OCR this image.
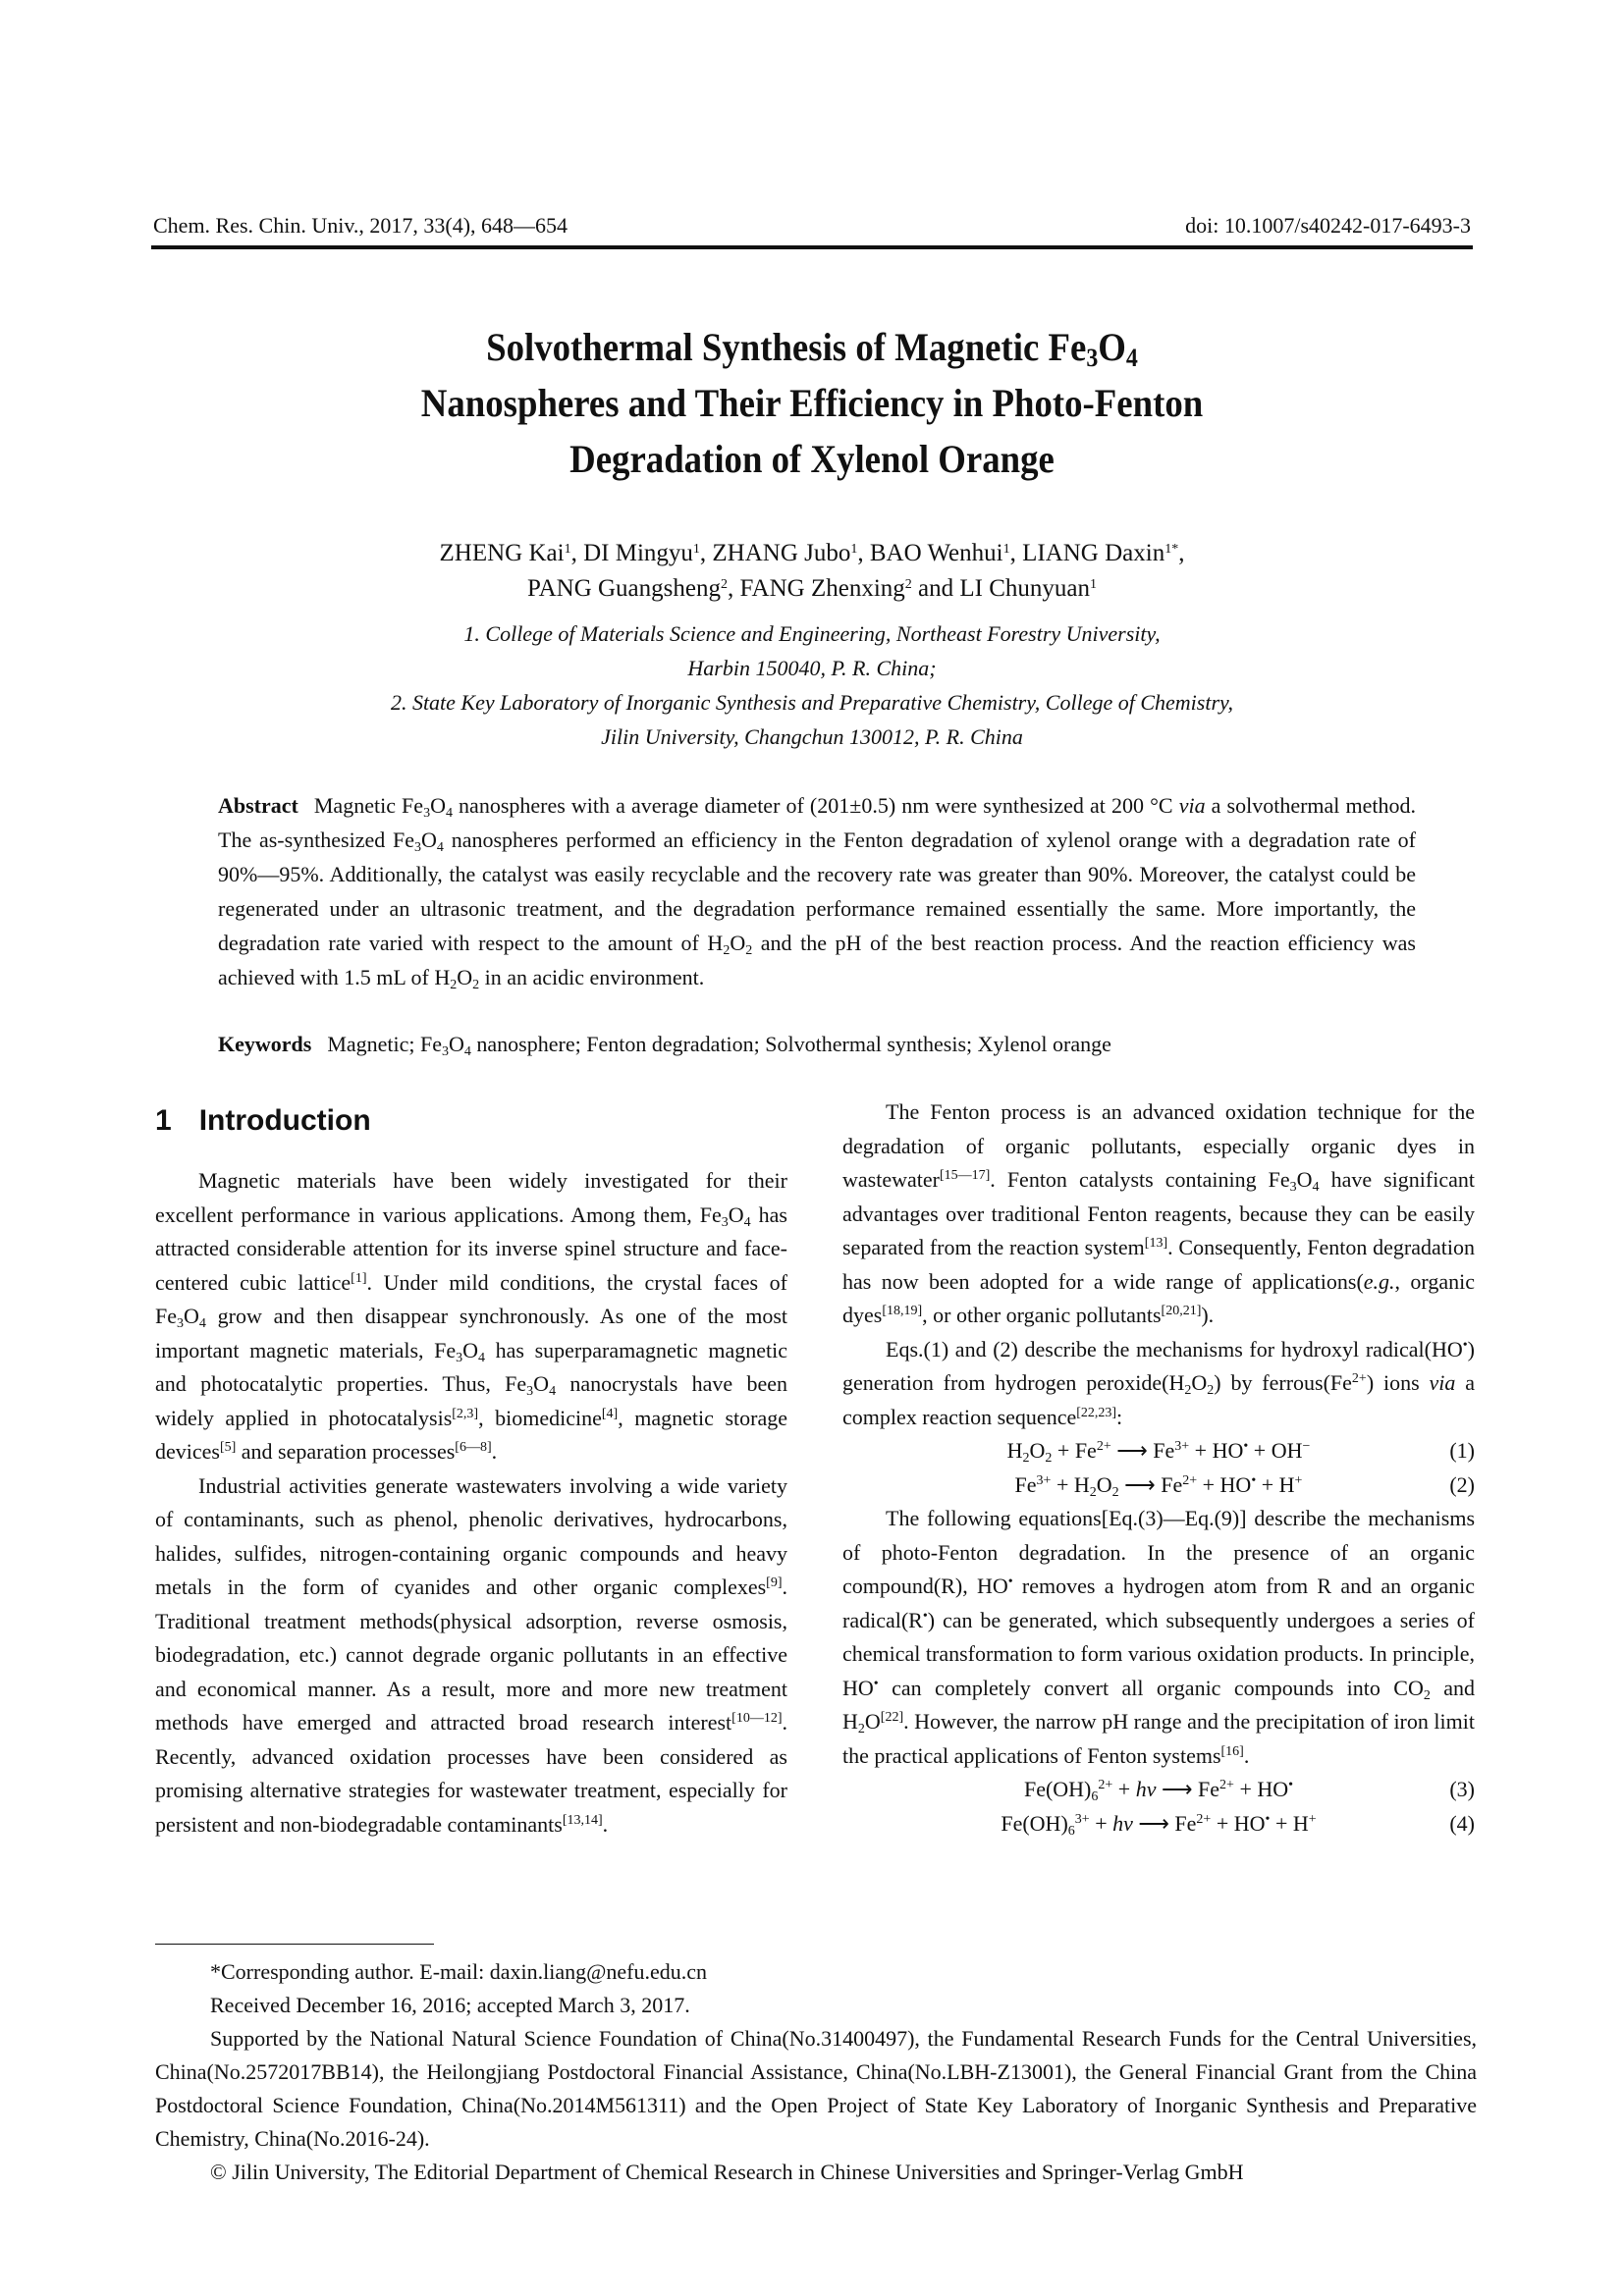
Chem. Res. Chin. Univ., 2017, 33(4), 648—654	doi: 10.1007/s40242-017-6493-3
Solvothermal Synthesis of Magnetic $Fe_3O_4$
Nanospheres and Their Efficiency in Photo-Fenton
Degradation of Xylenol Orange
ZHENG Kai$^1$, DI Mingyu$^1$, ZHANG Jubo$^1$, BAO Wenhui$^1$, LIANG Daxin$^{1*}$,
PANG Guangsheng$^2$, FANG Zhenxing$^2$ and LI Chunyuan$^1$
1. College of Materials Science and Engineering, Northeast Forestry University,
Harbin 150040, P. R. China;
2. State Key Laboratory of Inorganic Synthesis and Preparative Chemistry, College of Chemistry,
Jilin University, Changchun 130012, P. R. China
Abstract Magnetic $Fe_3O_4$ nanospheres with a average diameter of (201±0.5) nm were synthesized at 200 °C via a solvothermal method. The as-synthesized $Fe_3O_4$ nanospheres performed an efficiency in the Fenton degradation of xylenol orange with a degradation rate of 90%—95%. Additionally, the catalyst was easily recyclable and the recovery rate was greater than 90%. Moreover, the catalyst could be regenerated under an ultrasonic treatment, and the degradation performance remained essentially the same. More importantly, the degradation rate varied with respect to the amount of $H_2O_2$ and the pH of the best reaction process. And the reaction efficiency was achieved with 1.5 mL of $H_2O_2$ in an acidic environment.
Keywords Magnetic; $Fe_3O_4$ nanosphere; Fenton degradation; Solvothermal synthesis; Xylenol orange
1 Introduction

Magnetic materials have been widely investigated for their excellent performance in various applications. Among them, $Fe_3O_4$ has attracted considerable attention for its inverse spinel structure and face-centered cubic lattice[1]. Under mild conditions, the crystal faces of $Fe_3O_4$ grow and then disappear synchronously. As one of the most important magnetic materials, $Fe_3O_4$ has superparamagnetic magnetic and photocatalytic properties. Thus, $Fe_3O_4$ nanocrystals have been widely applied in photocatalysis[2,3], biomedicine[4], magnetic storage devices[5] and separation processes[6—8].

Industrial activities generate wastewaters involving a wide variety of contaminants, such as phenol, phenolic derivatives, hydrocarbons, halides, sulfides, nitrogen-containing organic compounds and heavy metals in the form of cyanides and other organic complexes[9]. Traditional treatment methods(physical adsorption, reverse osmosis, biodegradation, etc.) cannot degrade organic pollutants in an effective and economical manner. As a result, more and more new treatment methods have emerged and attracted broad research interest[10—12]. Recently, advanced oxidation processes have been considered as promising alternative strategies for wastewater treatment, especially for persistent and non-biodegradable contaminants[13,14].

The Fenton process is an advanced oxidation technique for the degradation of organic pollutants, especially organic dyes in wastewater[15—17]. Fenton catalysts containing $Fe_3O_4$ have significant advantages over traditional Fenton reagents, because they can be easily separated from the reaction system[13]. Consequently, Fenton degradation has now been adopted for a wide range of applications(e.g., organic dyes[18,19], or other organic pollutants[20,21]).

Eqs.(1) and (2) describe the mechanisms for hydroxyl radical(HO•) generation from hydrogen $peroxide(H_2O_2)$ by $ferrous(Fe^{2+})$ ions via a complex reaction sequence[22,23]:

$H_2O_2 + Fe^{2+}$ ⟶ $Fe^{3+} + HO^• + OH^-$	(1)
$Fe^{3+} + H_2O_2$ ⟶ $Fe^{2+} + HO^• + H^+$	(2)

The following equations[Eq.(3)—Eq.(9)] describe the mechanisms of photo-Fenton degradation. In the presence of an organic compound(R), HO• removes a hydrogen atom from R and an organic radical(R•) can be generated, which subsequently undergoes a series of chemical transformation to form various oxidation products. In principle, HO• can completely convert all organic compounds into $CO_2$ and $H_2O[22]$. However, the narrow pH range and the precipitation of iron limit the practical applications of Fenton systems[16].

$Fe(OH)_6^{2+}$ + hv ⟶ $Fe^{2+} + HO^•$	(3)
$Fe(OH)_6^{3+}$ + hv ⟶ $Fe^{2+} + HO^• + H^+$	(4)

*Corresponding author. E-mail: daxin.liang@nefu.edu.cn

Received December 16, 2016; accepted March 3, 2017.

Supported by the National Natural Science Foundation of China(No.31400497), the Fundamental Research Funds for the Central Universities, China(No.2572017BB14), the Heilongjiang Postdoctoral Financial Assistance, China(No.LBH-Z13001), the General Financial Grant from the China Postdoctoral Science Foundation, China(No.2014M561311) and the Open Project of State Key Laboratory of Inorganic Synthesis and Preparative Chemistry, China(No.2016-24).

© Jilin University, The Editorial Department of Chemical Research in Chinese Universities and Springer-Verlag GmbH
